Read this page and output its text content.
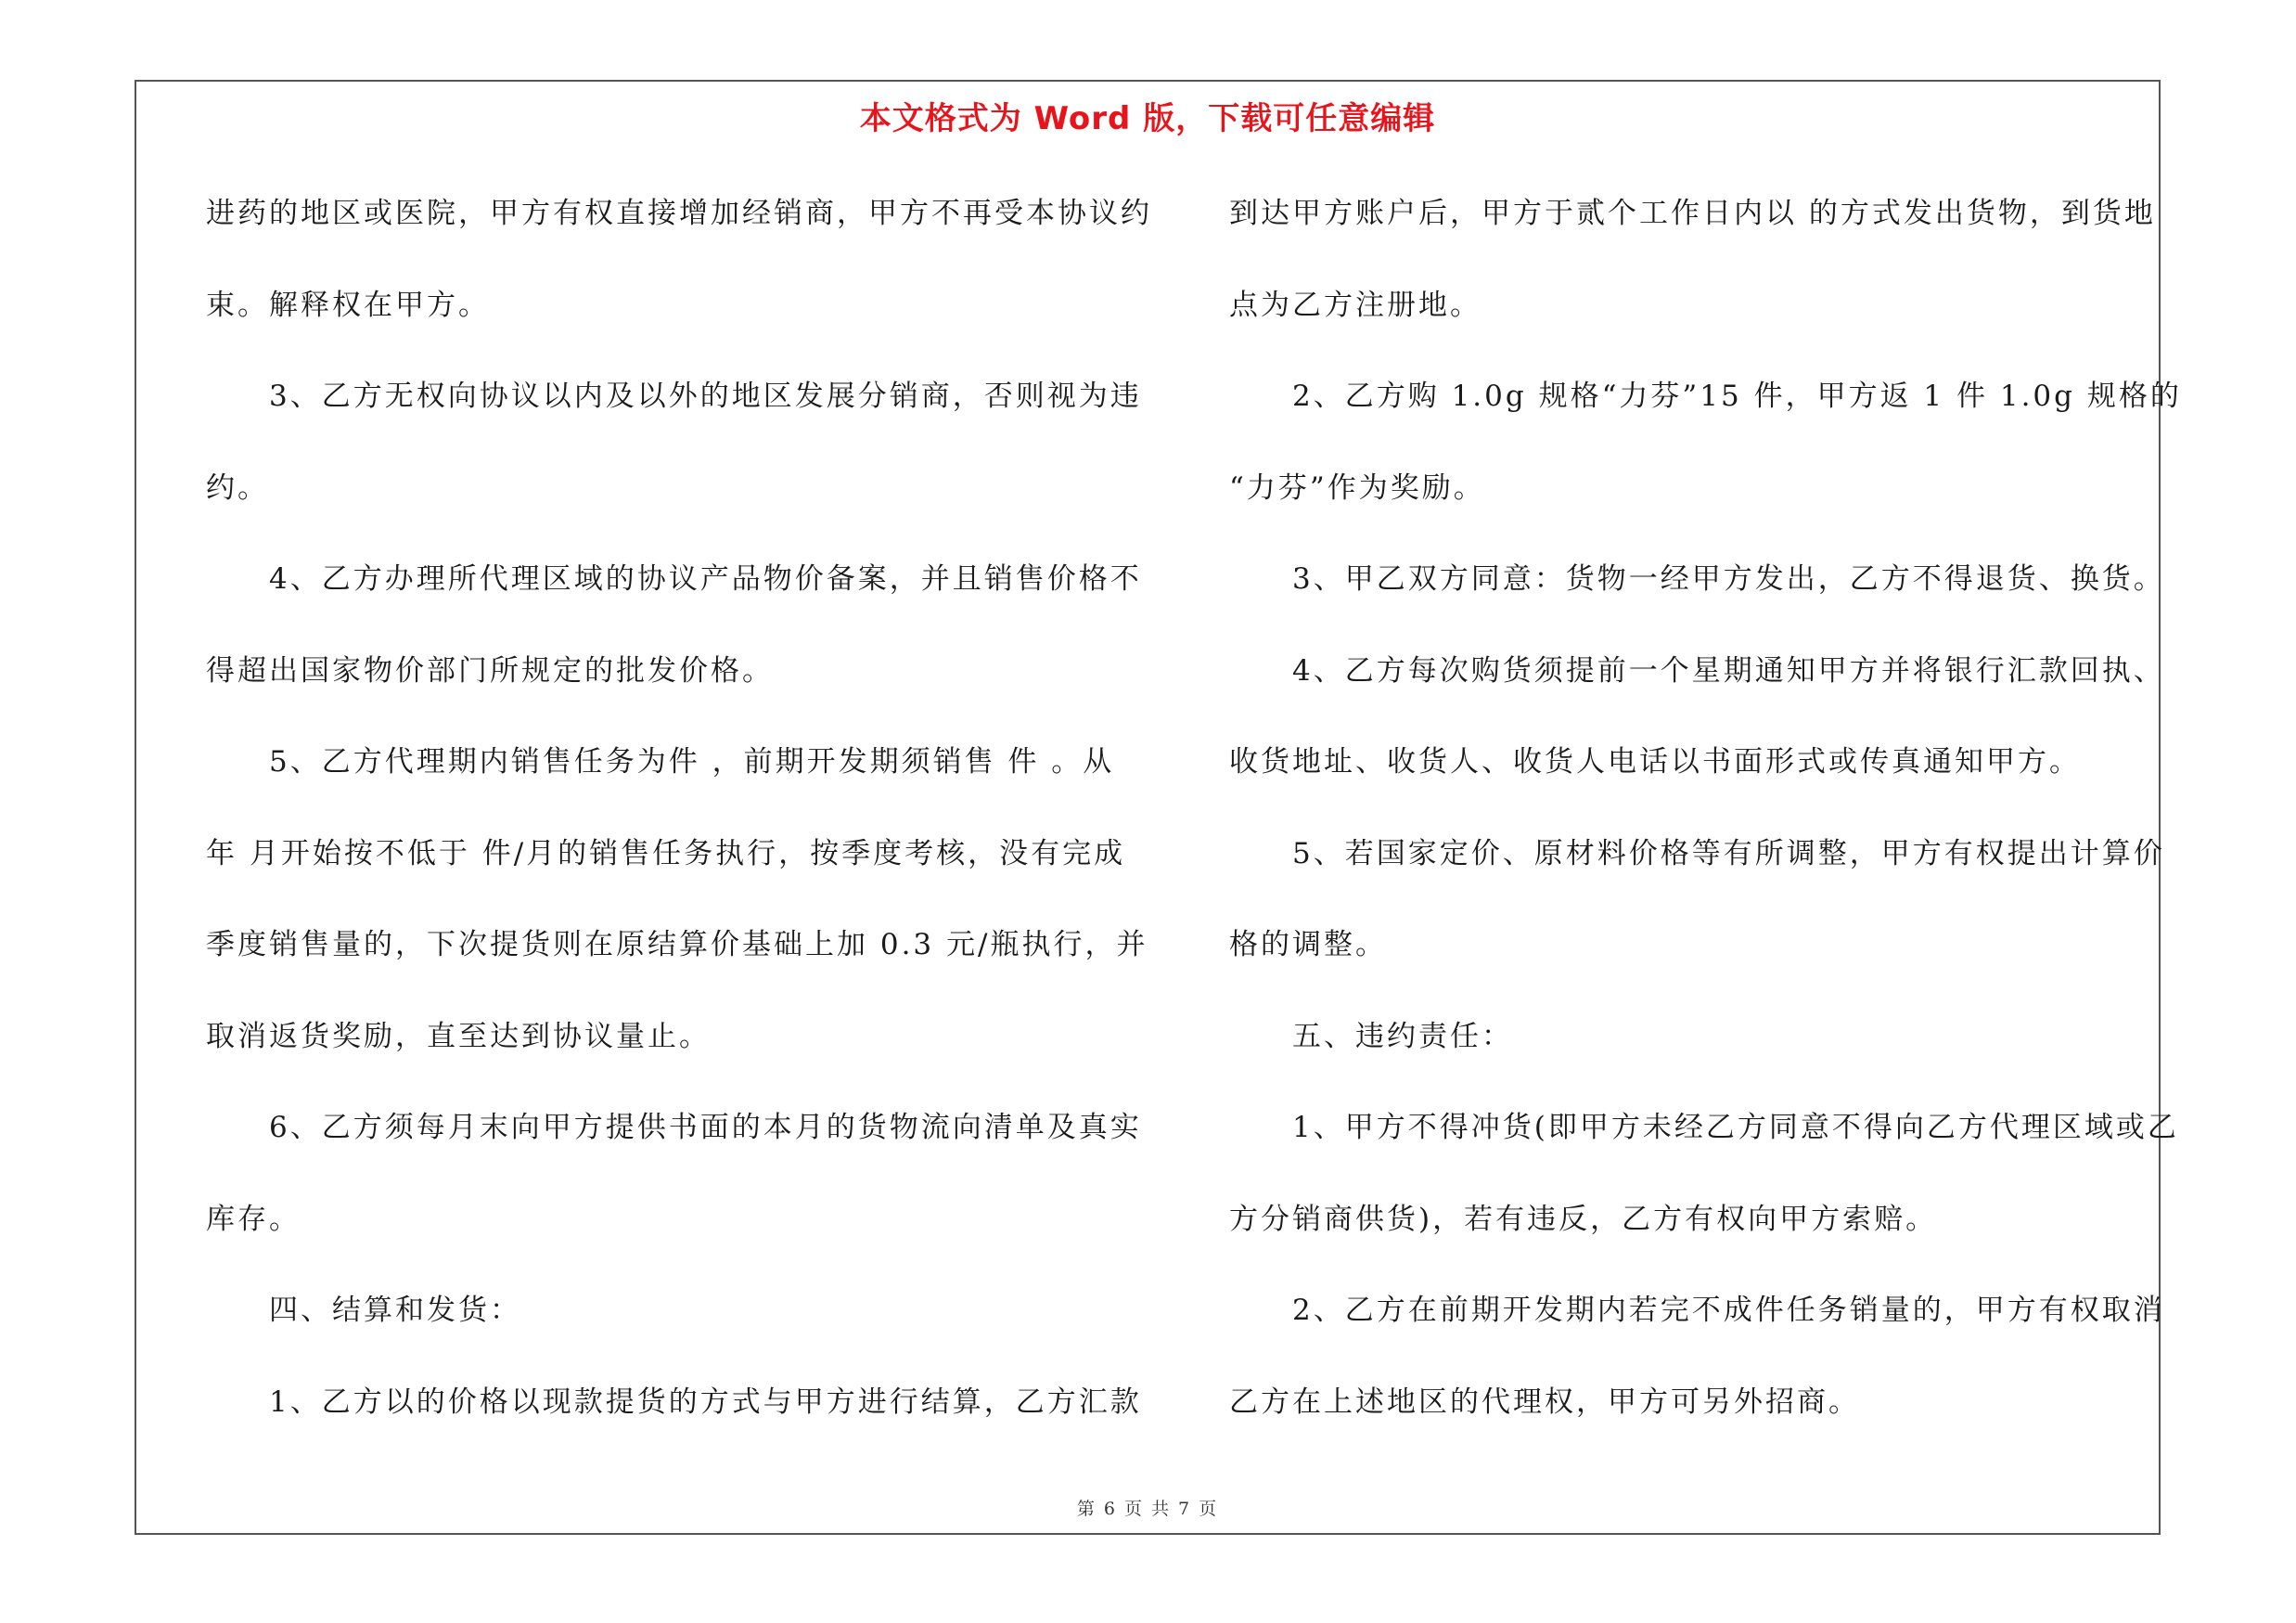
本文格式为 Word 版，下载可任意编辑
进药的地区或医院，甲方有权直接增加经销商，甲方不再受本协议约
束。解释权在甲方。
3、乙方无权向协议以内及以外的地区发展分销商，否则视为违
约。
4、乙方办理所代理区域的协议产品物价备案，并且销售价格不
得超出国家物价部门所规定的批发价格。
5、乙方代理期内销售任务为件 ，前期开发期须销售 件 。从
年 月开始按不低于 件/月的销售任务执行，按季度考核，没有完成
季度销售量的，下次提货则在原结算价基础上加 0.3 元/瓶执行，并
取消返货奖励，直至达到协议量止。
6、乙方须每月末向甲方提供书面的本月的货物流向清单及真实
库存。
四、结算和发货：
1、乙方以的价格以现款提货的方式与甲方进行结算，乙方汇款
到达甲方账户后，甲方于贰个工作日内以 的方式发出货物，到货地
点为乙方注册地。
2、乙方购 1.0g 规格“力芬”15 件，甲方返 1 件 1.0g 规格的
“力芬”作为奖励。
3、甲乙双方同意：货物一经甲方发出，乙方不得退货、换货。
4、乙方每次购货须提前一个星期通知甲方并将银行汇款回执、
收货地址、收货人、收货人电话以书面形式或传真通知甲方。
5、若国家定价、原材料价格等有所调整，甲方有权提出计算价
格的调整。
五、违约责任：
1、甲方不得冲货(即甲方未经乙方同意不得向乙方代理区域或乙
方分销商供货)，若有违反，乙方有权向甲方索赔。
2、乙方在前期开发期内若完不成件任务销量的，甲方有权取消
乙方在上述地区的代理权，甲方可另外招商。
第 6 页 共 7 页
